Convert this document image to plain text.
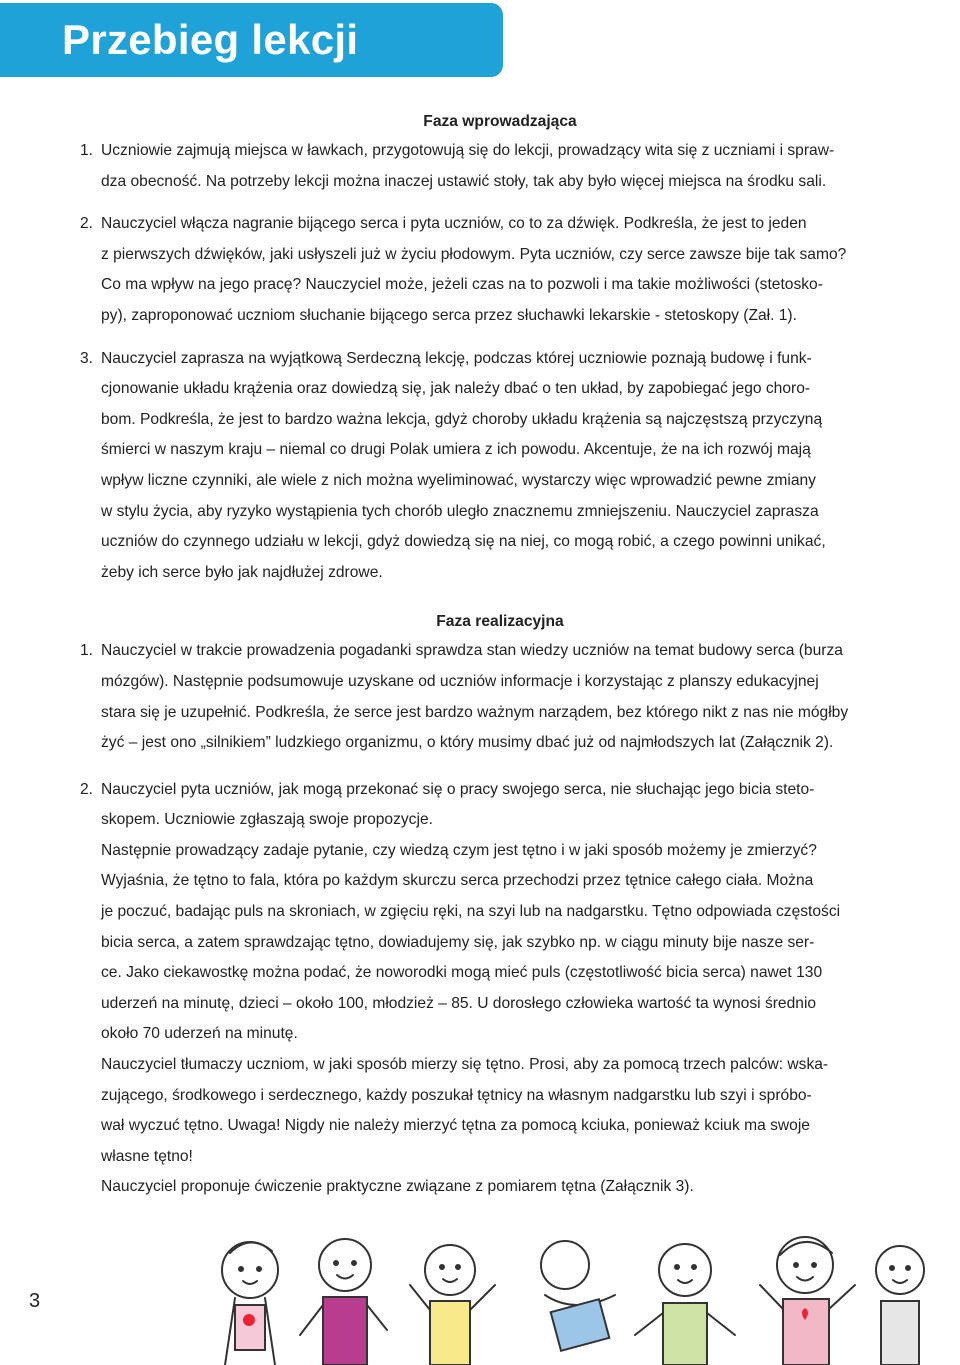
Przebieg lekcji
Faza wprowadzająca
1. Uczniowie zajmują miejsca w ławkach, przygotowują się do lekcji, prowadzący wita się z uczniami i spraw-
dza obecność. Na potrzeby lekcji można inaczej ustawić stoły, tak aby było więcej miejsca na środku sali.
2. Nauczyciel włącza nagranie bijącego serca i pyta uczniów, co to za dźwięk. Podkreśla, że jest to jeden
z pierwszych dźwięków, jaki usłyszeli już w życiu płodowym. Pyta uczniów, czy serce zawsze bije tak samo?
Co ma wpływ na jego pracę? Nauczyciel może, jeżeli czas na to pozwoli i ma takie możliwości (stetosko-
py), zaproponować uczniom słuchanie bijącego serca przez słuchawki lekarskie - stetoskopy (Zał. 1).
3. Nauczyciel zaprasza na wyjątkową Serdeczną lekcję, podczas której uczniowie poznają budowę i funk-
cjonowanie układu krążenia oraz dowiedzą się, jak należy dbać o ten układ, by zapobiegać jego choro-
bom. Podkreśla, że jest to bardzo ważna lekcja, gdyż choroby układu krążenia są najczęstszą przyczyną
śmierci w naszym kraju – niemal co drugi Polak umiera z ich powodu. Akcentuje, że na ich rozwój mają
wpływ liczne czynniki, ale wiele z nich można wyeliminować, wystarczy więc wprowadzić pewne zmiany
w stylu życia, aby ryzyko wystąpienia tych chorób uległo znacznemu zmniejszeniu. Nauczyciel zaprasza
uczniów do czynnego udziału w lekcji, gdyż dowiedzą się na niej, co mogą robić, a czego powinni unikać,
żeby ich serce było jak najdłużej zdrowe.
Faza realizacyjna
1. Nauczyciel w trakcie prowadzenia pogadanki sprawdza stan wiedzy uczniów na temat budowy serca (burza
mózgów). Następnie podsumowuje uzyskane od uczniów informacje i korzystając z planszy edukacyjnej
stara się je uzupełnić. Podkreśla, że serce jest bardzo ważnym narządem, bez którego nikt z nas nie mógłby
żyć – jest ono „silnikiem” ludzkiego organizmu, o który musimy dbać już od najmłodszych lat (Załącznik 2).
2. Nauczyciel pyta uczniów, jak mogą przekonać się o pracy swojego serca, nie słuchając jego bicia steto-
skopem. Uczniowie zgłaszają swoje propozycje.
Następnie prowadzący zadaje pytanie, czy wiedzą czym jest tętno i w jaki sposób możemy je zmierzyć?
Wyjaśnia, że tętno to fala, która po każdym skurczu serca przechodzi przez tętnice całego ciała. Można
je poczuć, badając puls na skroniach, w zgięciu ręki, na szyi lub na nadgarstku. Tętno odpowiada częstości
bicia serca, a zatem sprawdzając tętno, dowiadujemy się, jak szybko np. w ciągu minuty bije nasze ser-
ce. Jako ciekawostkę można podać, że noworodki mogą mieć puls (częstotliwość bicia serca) nawet 130
uderzeń na minutę, dzieci – około 100, młodzież – 85. U dorosłego człowieka wartość ta wynosi średnio
około 70 uderzeń na minutę.
Nauczyciel tłumaczy uczniom, w jaki sposób mierzy się tętno. Prosi, aby za pomocą trzech palców: wska-
zującego, środkowego i serdecznego, każdy poszukał tętnicy na własnym nadgarstku lub szyi i spróbo-
wał wyczuć tętno. Uwaga! Nigdy nie należy mierzyć tętna za pomocą kciuka, ponieważ kciuk ma swoje
własne tętno!
Nauczyciel proponuje ćwiczenie praktyczne związane z pomiarem tętna (Załącznik 3).
3
